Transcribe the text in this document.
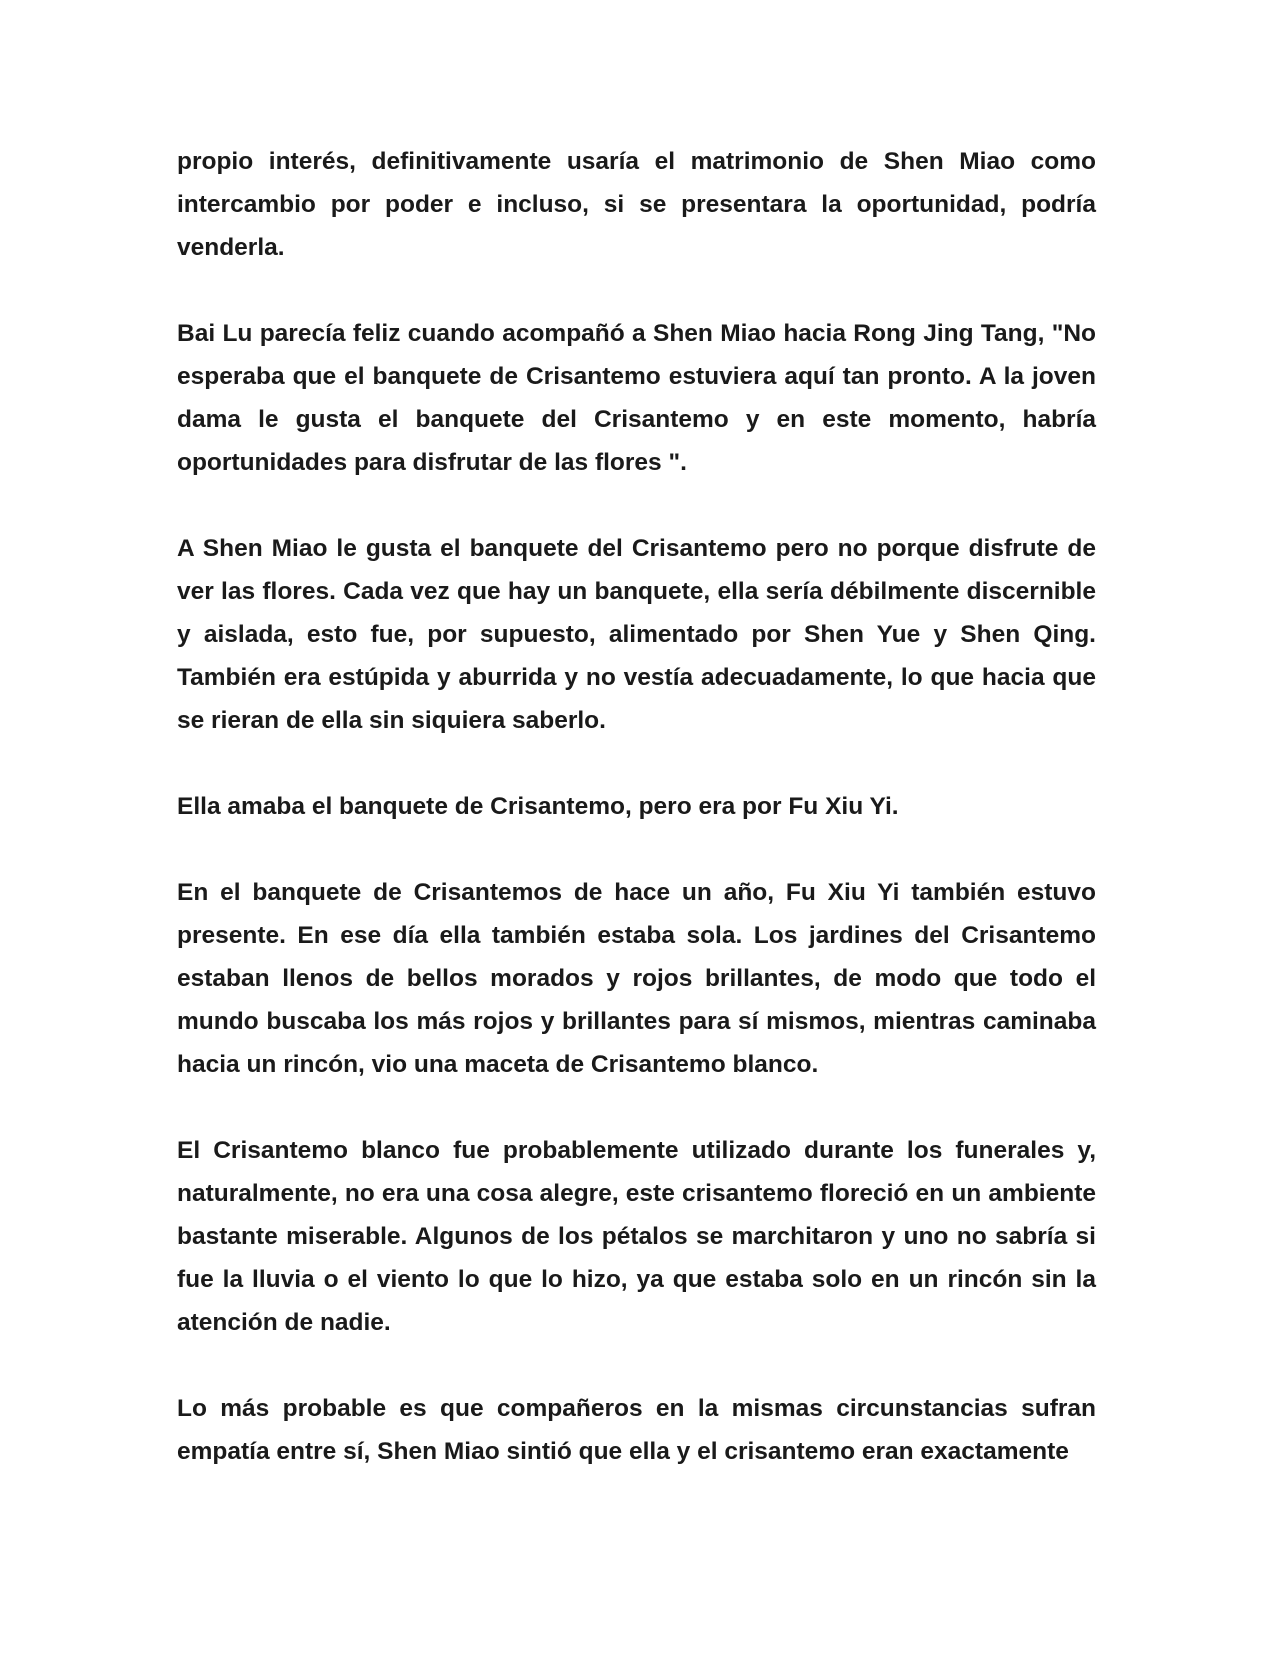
propio interés, definitivamente usaría el matrimonio de Shen Miao como intercambio por poder e incluso, si se presentara la oportunidad, podría venderla.

Bai Lu parecía feliz cuando acompañó a Shen Miao hacia Rong Jing Tang, "No esperaba que el banquete de Crisantemo estuviera aquí tan pronto. A la joven dama le gusta el banquete del Crisantemo y en este momento, habría oportunidades para disfrutar de las flores ".

A Shen Miao le gusta el banquete del Crisantemo pero no porque disfrute de ver las flores. Cada vez que hay un banquete, ella sería débilmente discernible y aislada, esto fue, por supuesto, alimentado por Shen Yue y Shen Qing. También era estúpida y aburrida y no vestía adecuadamente, lo que hacia que se rieran de ella sin siquiera saberlo.

Ella amaba el banquete de Crisantemo, pero era por Fu Xiu Yi.

En el banquete de Crisantemos de hace un año, Fu Xiu Yi también estuvo presente. En ese día ella también estaba sola. Los jardines del Crisantemo estaban llenos de bellos morados y rojos brillantes, de modo que todo el mundo buscaba los más rojos y brillantes para sí mismos, mientras caminaba hacia un rincón, vio una maceta de Crisantemo blanco.

El Crisantemo blanco fue probablemente utilizado durante los funerales y, naturalmente, no era una cosa alegre, este crisantemo floreció en un ambiente bastante miserable. Algunos de los pétalos se marchitaron y uno no sabría si fue la lluvia o el viento lo que lo hizo, ya que estaba solo en un rincón sin la atención de nadie.

Lo más probable es que compañeros en la mismas circunstancias sufran empatía entre sí, Shen Miao sintió que ella y el crisantemo eran exactamente
